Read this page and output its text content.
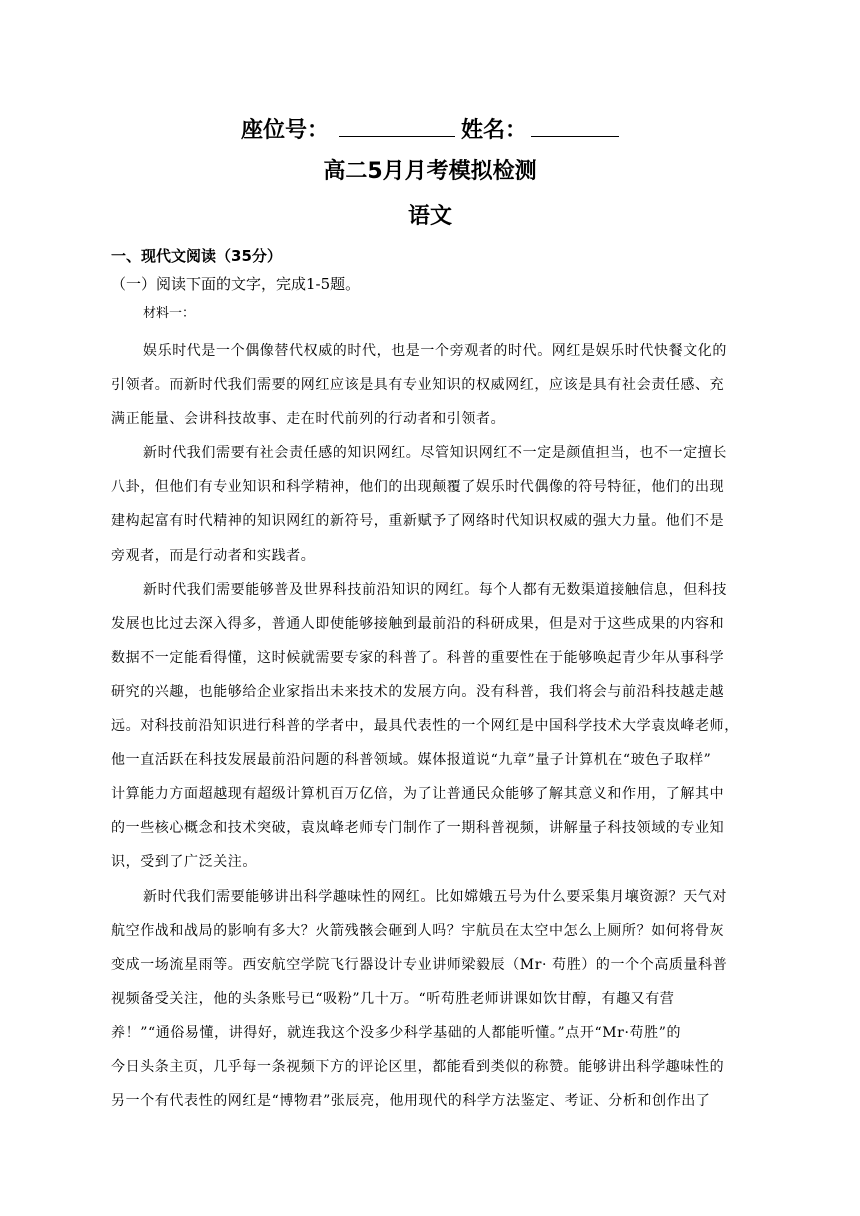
座位号：	姓名：
高二5月月考模拟检测
语文
一、现代文阅读（35分）
（一）阅读下面的文字，完成1-5题。
材料一：
娱乐时代是一个偶像替代权威的时代，也是一个旁观者的时代。网红是娱乐时代快餐文化的
引领者。而新时代我们需要的网红应该是具有专业知识的权威网红，应该是具有社会责任感、充
满正能量、会讲科技故事、走在时代前列的行动者和引领者。
新时代我们需要有社会责任感的知识网红。尽管知识网红不一定是颜值担当，也不一定擅长
八卦，但他们有专业知识和科学精神，他们的出现颠覆了娱乐时代偶像的符号特征，他们的出现
建构起富有时代精神的知识网红的新符号，重新赋予了网络时代知识权威的强大力量。他们不是
旁观者，而是行动者和实践者。
新时代我们需要能够普及世界科技前沿知识的网红。每个人都有无数渠道接触信息，但科技
发展也比过去深入得多，普通人即使能够接触到最前沿的科研成果，但是对于这些成果的内容和
数据不一定能看得懂，这时候就需要专家的科普了。科普的重要性在于能够唤起青少年从事科学
研究的兴趣，也能够给企业家指出未来技术的发展方向。没有科普，我们将会与前沿科技越走越
远。对科技前沿知识进行科普的学者中，最具代表性的一个网红是中国科学技术大学袁岚峰老师，
他一直活跃在科技发展最前沿问题的科普领域。媒体报道说“九章”量子计算机在“玻色子取样”
计算能力方面超越现有超级计算机百万亿倍，为了让普通民众能够了解其意义和作用，了解其中
的一些核心概念和技术突破，袁岚峰老师专门制作了一期科普视频，讲解量子科技领域的专业知
识，受到了广泛关注。
新时代我们需要能够讲出科学趣味性的网红。比如嫦娥五号为什么要采集月壤资源？天气对
航空作战和战局的影响有多大？火箭残骸会砸到人吗？宇航员在太空中怎么上厕所？如何将骨灰
变成一场流星雨等。西安航空学院飞行器设计专业讲师梁毅辰（Mr· 苟胜）的一个个高质量科普
视频备受关注，他的头条账号已“吸粉”几十万。“听苟胜老师讲课如饮甘醇，有趣又有营
养！”“通俗易懂，讲得好，就连我这个没多少科学基础的人都能听懂。”点开“Mr·苟胜”的
今日头条主页，几乎每一条视频下方的评论区里，都能看到类似的称赞。能够讲出科学趣味性的
另一个有代表性的网红是“博物君”张辰亮，他用现代的科学方法鉴定、考证、分析和创作出了
